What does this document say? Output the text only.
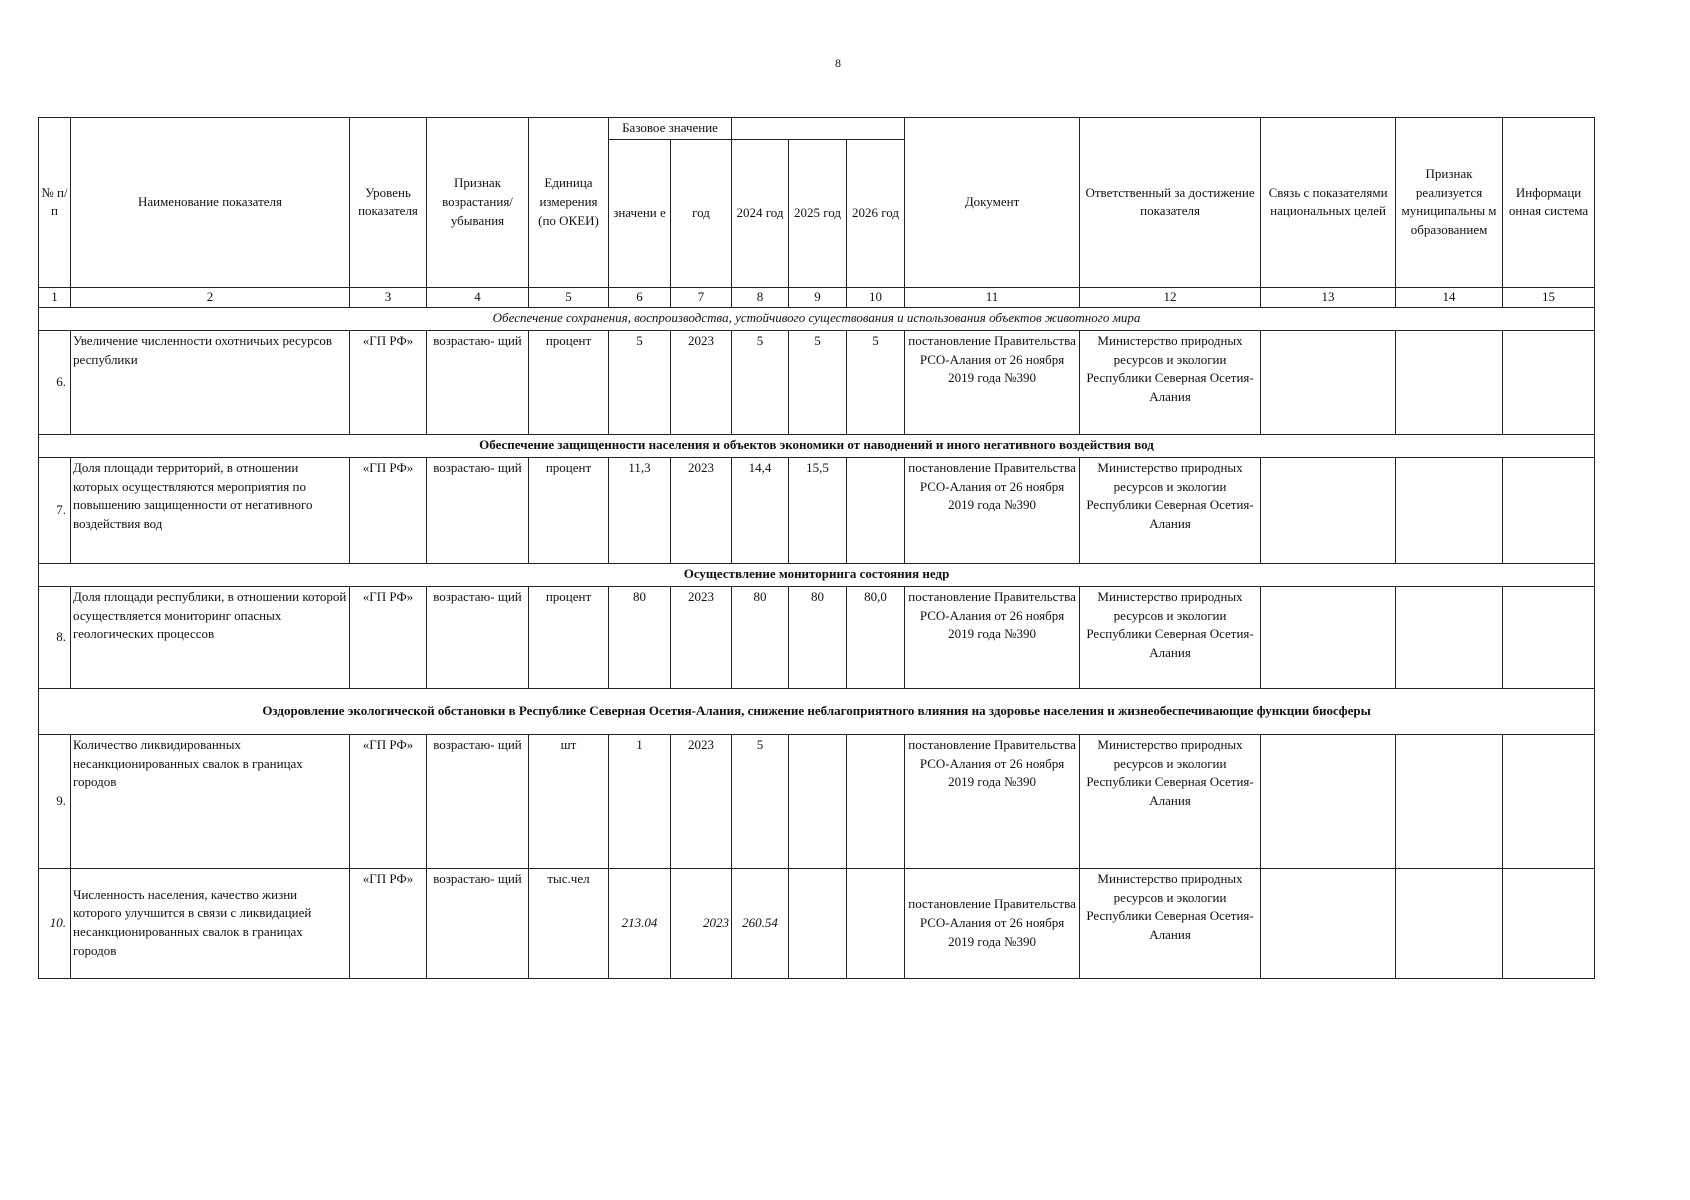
8
№ п/п	Наименование показателя	Уровень показателя	Признак возрастания/ убывания	Единица измерения (по ОКЕИ)	Базовое значение					Документ	Ответственный за достижение показателя	Связь с показателями национальных целей	Признак реализуется муниципальны м образованием	Информаци онная система
					значени е	год	2024 год	2025 год	2026 год					
1	2	3	4	5	6	7	8	9	10	11	12	13	14	15
Обеспечение сохранения, воспроизводства, устойчивого существования и использования объектов животного мира														
6.	Увеличение численности охотничьих ресурсов республики	«ГП РФ»	возрастаю- щий	процент	5	2023	5	5	5	постановление Правительства РСО-Алания от 26 ноября 2019 года №390	Министерство природных ресурсов и экологии Республики Северная Осетия-Алания			
Обеспечение защищенности населения и объектов экономики от наводнений и иного негативного воздействия вод														
7.	Доля площади территорий, в отношении которых осуществляются мероприятия по повышению защищенности от негативного воздействия вод	«ГП РФ»	возрастаю- щий	процент	11,3	2023	14,4	15,5		постановление Правительства РСО-Алания от 26 ноября 2019 года №390	Министерство природных ресурсов и экологии Республики Северная Осетия-Алания			
Осуществление мониторинга состояния недр														
8.	Доля площади республики, в отношении которой осуществляется мониторинг опасных геологических процессов	«ГП РФ»	возрастаю- щий	процент	80	2023	80	80	80,0	постановление Правительства РСО-Алания от 26 ноября 2019 года №390	Министерство природных ресурсов и экологии Республики Северная Осетия-Алания			
Оздоровление экологической обстановки в Республике Северная Осетия-Алания, снижение неблагоприятного влияния на здоровье населения и жизнеобеспечивающие функции биосферы														
9.	Количество ликвидированных несанкционированных свалок в границах городов	«ГП РФ»	возрастаю- щий	шт	1	2023	5			постановление Правительства РСО-Алания от 26 ноября 2019 года №390	Министерство природных ресурсов и экологии Республики Северная Осетия-Алания			
10.	Численность населения, качество жизни которого улучшится в связи с ликвидацией несанкционированных свалок в границах городов	«ГП РФ»	возрастаю- щий	тыс.чел	213.04	2023	260.54			постановление Правительства РСО-Алания от 26 ноября 2019 года №390	Министерство природных ресурсов и экологии Республики Северная Осетия-Алания			
